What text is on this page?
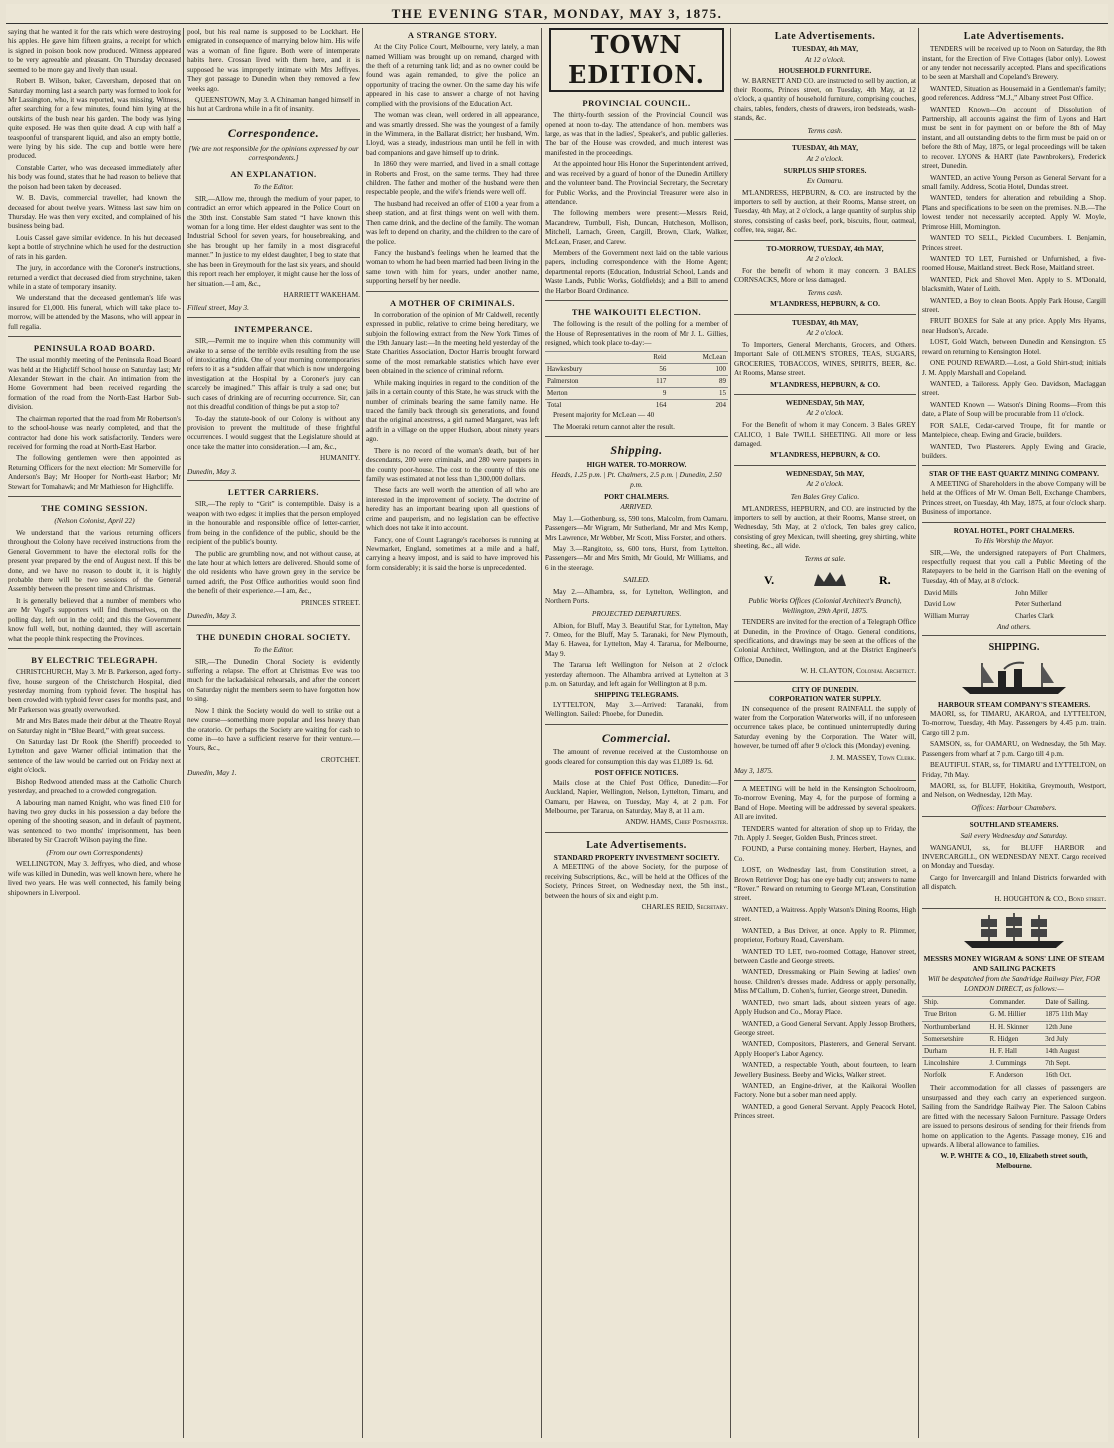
THE EVENING STAR, MONDAY, MAY 3, 1875.

saying that he wanted it for the rats which were destroying his apples. He gave him fifteen grains, a receipt for which is signed in poison book now produced. Witness appeared to be very agreeable and pleasant. On Thursday deceased seemed to be more gay and lively than usual.

Robert B. Wilson, baker, Caversham, deposed that on Saturday morning last a search party was formed to look for Mr Lassington, who, it was reported, was missing. Witness, after searching for a few minutes, found him lying at the outskirts of the bush near his garden. The body was lying quite exposed. He was then quite dead. A cup with half a teaspoonful of transparent liquid, and also an empty bottle, were lying by his side. The cup and bottle were here produced.

Constable Carter, who was deceased immediately after his body was found, states that he had reason to believe that the poison had been taken by deceased.

W. B. Davis, commercial traveller, had known the deceased for about twelve years. Witness last saw him on Thursday. He was then very excited, and complained of his business being bad.

Louis Cassel gave similar evidence. In his hut deceased kept a bottle of strychnine which he used for the destruction of rats in his garden.

The jury, in accordance with the Coroner's instructions, returned a verdict that deceased died from strychnine, taken while in a state of temporary insanity.

We understand that the deceased gentleman's life was insured for £1,000. His funeral, which will take place to-morrow, will be attended by the Masons, who will appear in full regalia.

PENINSULA ROAD BOARD.

The usual monthly meeting of the Peninsula Road Board was held at the Highcliff School house on Saturday last; Mr Alexander Stewart in the chair. An intimation from the Home Government had been received regarding the formation of the road from the North-East Harbor Sub-division.

The chairman reported that the road from Mr Robertson's to the school-house was nearly completed, and that the contractor had done his work satisfactorily. Tenders were received for forming the road at North-East Harbor.

The following gentlemen were then appointed as Returning Officers for the next election: Mr Somerville for Anderson's Bay; Mr Hooper for North-east Harbor; Mr Stewart for Tomahawk; and Mr Mathieson for Highcliffe.

THE COMING SESSION.
(Nelson Colonist, April 22)

We understand that the various returning officers throughout the Colony have received instructions from the General Government to have the electoral rolls for the present year prepared by the end of August next. If this be done, and we have no reason to doubt it, it is highly probable there will be two sessions of the General Assembly between the present time and Christmas.

It is generally believed that a number of members who are Mr Vogel's supporters will find themselves, on the polling day, left out in the cold; and this the Government know full well, but, nothing daunted, they will ascertain what the people think respecting the Provinces.

BY ELECTRIC TELEGRAPH.

CHRISTCHURCH, May 3. Mr B. Parkerson, aged forty-five, house surgeon of the Christchurch Hospital, died yesterday morning from typhoid fever. The hospital has been crowded with typhoid fever cases for months past, and Mr Parkerson was greatly overworked.

Mr and Mrs Bates made their début at the Theatre Royal on Saturday night in “Blue Beard,” with great success.

On Saturday last Dr Rook (the Sheriff) proceeded to Lyttelton and gave Warner official intimation that the sentence of the law would be carried out on Friday next at eight o'clock.

Bishop Redwood attended mass at the Catholic Church yesterday, and preached to a crowded congregation.

A labouring man named Knight, who was fined £10 for having two grey ducks in his possession a day before the opening of the shooting season, and in default of payment, was sentenced to two months' imprisonment, has been liberated by Sir Cracroft Wilson paying the fine.

(From our own Correspondents)

WELLINGTON, May 3. Jeffryes, who died, and whose wife was killed in Dunedin, was well known here, where he lived two years. He was well connected, his family being shipowners in Liverpool.

pool, but his real name is supposed to be Lockhart. He emigrated in consequence of marrying below him. His wife was a woman of fine figure. Both were of intemperate habits here. Crossan lived with them here, and it is supposed he was improperly intimate with Mrs Jeffryes. They got passage to Dunedin when they removed a few weeks ago.

QUEENSTOWN, May 3. A Chinaman hanged himself in his hut at Cardrona while in a fit of insanity.

Correspondence.
[We are not responsible for the opinions expressed by our correspondents.]
AN EXPLANATION.
To the Editor.

SIR,—Allow me, through the medium of your paper, to contradict an error which appeared in the Police Court on the 30th inst. Constable Sam stated “I have known this woman for a long time. Her eldest daughter was sent to the Industrial School for seven years, for housebreaking, and she has brought up her family in a most disgraceful manner.” In justice to my eldest daughter, I beg to state that she has been in Greymouth for the last six years, and should this report reach her employer, it might cause her the loss of her situation.—I am, &c.,

HARRIETT WAKEHAM.
Filleul street, May 3.
INTEMPERANCE.

SIR,—Permit me to inquire when this community will awake to a sense of the terrible evils resulting from the use of intoxicating drink. One of your morning contemporaries refers to it as a “sudden affair that which is now undergoing investigation at the Hospital by a Coroner's jury can scarcely be imagined.” This affair is truly a sad one; but such cases of drinking are of recurring occurrence. Sir, can not this dreadful condition of things be put a stop to?

To-day the statute-book of our Colony is without any provision to prevent the multitude of these frightful occurrences. I would suggest that the Legislature should at once take the matter into consideration.—I am, &c.,

HUMANITY.
Dunedin, May 3.
LETTER CARRIERS.

SIR,—The reply to “Grit” is contemptible. Daisy is a weapon with two edges: it implies that the person employed in the honourable and responsible office of letter-carrier, from being in the confidence of the public, should be the recipient of the public's bounty.

The public are grumbling now, and not without cause, at the late hour at which letters are delivered. Should some of the old residents who have grown grey in the service be turned adrift, the Post Office authorities would soon find the benefit of their experience.—I am, &c.,

PRINCES STREET.
Dunedin, May 3.
THE DUNEDIN CHORAL SOCIETY.
To the Editor.

SIR,—The Dunedin Choral Society is evidently suffering a relapse. The effort at Christmas Eve was too much for the lackadaisical rehearsals, and after the concert on Saturday night the members seem to have forgotten how to sing.

Now I think the Society would do well to strike out a new course—something more popular and less heavy than the oratorio. Or perhaps the Society are waiting for cash to come in—to have a sufficient reserve for their venture.—Yours, &c.,

CROTCHET.
Dunedin, May 1.
A STRANGE STORY.

At the City Police Court, Melbourne, very lately, a man named William was brought up on remand, charged with the theft of a returning tank lid; and as no owner could be found was again remanded, to give the police an opportunity of tracing the owner. On the same day his wife appeared in his case to answer a charge of not having complied with the provisions of the Education Act.

The woman was clean, well ordered in all appearance, and was smartly dressed. She was the youngest of a family in the Wimmera, in the Ballarat district; her husband, Wm. Lloyd, was a steady, industrious man until he fell in with bad companions and gave himself up to drink.

In 1860 they were married, and lived in a small cottage in Roberts and Frost, on the same terms. They had three children. The father and mother of the husband were then respectable people, and the wife's friends were well off.

The husband had received an offer of £100 a year from a sheep station, and at first things went on well with them. Then came drink, and the decline of the family. The woman was left to depend on charity, and the children to the care of the police.

Fancy the husband's feelings when he learned that the woman to whom he had been married had been living in the same town with him for years, under another name, supporting herself by her needle.

A MOTHER OF CRIMINALS.

In corroboration of the opinion of Mr Caldwell, recently expressed in public, relative to crime being hereditary, we subjoin the following extract from the New York Times of the 19th January last:—In the meeting held yesterday of the State Charities Association, Doctor Harris brought forward some of the most remarkable statistics which have ever been obtained in the science of criminal reform.

While making inquiries in regard to the condition of the jails in a certain county of this State, he was struck with the number of criminals bearing the same family name. He traced the family back through six generations, and found that the original ancestress, a girl named Margaret, was left adrift in a village on the upper Hudson, about ninety years ago.

There is no record of the woman's death, but of her descendants, 200 were criminals, and 280 were paupers in the county poor-house. The cost to the county of this one family was estimated at not less than 1,300,000 dollars.

These facts are well worth the attention of all who are interested in the improvement of society. The doctrine of heredity has an important bearing upon all questions of crime and pauperism, and no legislation can be effective which does not take it into account.

Fancy, one of Count Lagrange's racehorses is running at Newmarket, England, sometimes at a mile and a half, carrying a heavy impost, and is said to have improved his form considerably; it is said the horse is unprecedented.

TOWN EDITION.
PROVINCIAL COUNCIL.

The thirty-fourth session of the Provincial Council was opened at noon to-day. The attendance of hon. members was large, as was that in the ladies', Speaker's, and public galleries. The bar of the House was crowded, and much interest was manifested in the proceedings.

At the appointed hour His Honor the Superintendent arrived, and was received by a guard of honor of the Dunedin Artillery and the volunteer band. The Provincial Secretary, the Secretary for Public Works, and the Provincial Treasurer were also in attendance.

The following members were present:—Messrs Reid, Macandrew, Turnbull, Fish, Duncan, Hutcheson, Mollison, Mitchell, Larnach, Green, Cargill, Brown, Clark, Walker, McLean, Fraser, and Carew.

Members of the Government next laid on the table various papers, including correspondence with the Home Agent; departmental reports (Education, Industrial School, Lands and Waste Lands, Public Works, Goldfields); and a Bill to amend the Harbor Board Ordinance.

THE WAIKOUITI ELECTION.

The following is the result of the polling for a member of the House of Representatives in the room of Mr J. L. Gillies, resigned, which took place to-day:—

	Reid	McLean
Hawkesbury	56	100
Palmerston	117	89
Merton	9	15
Total	164	204

Present majority for McLean — 40

The Moeraki return cannot alter the result.

Shipping.
HIGH WATER. TO-MORROW.
Heads, 1.25 p.m. | Pt. Chalmers, 2.5 p.m. | Dunedin, 2.50 p.m.
PORT CHALMERS.
ARRIVED.

May 1.—Gothenburg, ss, 590 tons, Malcolm, from Oamaru. Passengers—Mr Wigram, Mr Sutherland, Mr and Mrs Kemp, Mrs Lawrence, Mr Webber, Mr Scott, Miss Forster, and others.

May 3.—Rangitoto, ss, 600 tons, Hurst, from Lyttelton. Passengers—Mr and Mrs Smith, Mr Gould, Mr Williams, and 6 in the steerage.

SAILED.

May 2.—Alhambra, ss, for Lyttelton, Wellington, and Northern Ports.

PROJECTED DEPARTURES.

Albion, for Bluff, May 3. Beautiful Star, for Lyttelton, May 7. Omeo, for the Bluff, May 5. Taranaki, for New Plymouth, May 6. Hawea, for Lyttelton, May 4. Tararua, for Melbourne, May 9.

The Tararua left Wellington for Nelson at 2 o'clock yesterday afternoon. The Alhambra arrived at Lyttelton at 3 p.m. on Saturday, and left again for Wellington at 8 p.m.

SHIPPING TELEGRAMS.

LYTTELTON, May 3.—Arrived: Taranaki, from Wellington. Sailed: Phoebe, for Dunedin.

Commercial.

The amount of revenue received at the Customhouse on goods cleared for consumption this day was £1,089 1s. 6d.

POST OFFICE NOTICES.

Mails close at the Chief Post Office, Dunedin:—For Auckland, Napier, Wellington, Nelson, Lyttelton, Timaru, and Oamaru, per Hawea, on Tuesday, May 4, at 2 p.m. For Melbourne, per Tararua, on Saturday, May 8, at 11 a.m.

ANDW. HAMS, Chief Postmaster.
Late Advertisements.
STANDARD PROPERTY INVESTMENT SOCIETY.

A MEETING of the above Society, for the purpose of receiving Subscriptions, &c., will be held at the Offices of the Society, Princes Street, on Wednesday next, the 5th inst., between the hours of six and eight p.m.

CHARLES REID, Secretary.
Late Advertisements.
TUESDAY, 4th MAY,
At 12 o'clock.
HOUSEHOLD FURNITURE.

W. BARNETT AND CO. are instructed to sell by auction, at their Rooms, Princes street, on Tuesday, 4th May, at 12 o'clock, a quantity of household furniture, comprising couches, chairs, tables, fenders, chests of drawers, iron bedsteads, wash-stands, &c.

Terms cash.
TUESDAY, 4th MAY,
At 2 o'clock.
SURPLUS SHIP STORES.
Ex Oamaru.

M'LANDRESS, HEPBURN, & CO. are instructed by the importers to sell by auction, at their Rooms, Manse street, on Tuesday, 4th May, at 2 o'clock, a large quantity of surplus ship stores, consisting of casks beef, pork, biscuits, flour, oatmeal, coffee, tea, sugar, &c.

TO-MORROW, TUESDAY, 4th MAY,
At 2 o'clock.

For the benefit of whom it may concern. 3 BALES CORNSACKS, More or less damaged.

Terms cash.
M'LANDRESS, HEPBURN, & CO.
TUESDAY, 4th MAY,
At 2 o'clock.

To Importers, General Merchants, Grocers, and Others. Important Sale of OILMEN'S STORES, TEAS, SUGARS, GROCERIES, TOBACCOS, WINES, SPIRITS, BEER, &c. At Rooms, Manse street.

M'LANDRESS, HEPBURN, & CO.
WEDNESDAY, 5th MAY,
At 2 o'clock.

For the Benefit of whom it may Concern. 3 Bales GREY CALICO, 1 Bale TWILL SHEETING. All more or less damaged.

M'LANDRESS, HEPBURN, & CO.
WEDNESDAY, 5th MAY,
At 2 o'clock.
Ten Bales Grey Calico.

M'LANDRESS, HEPBURN, and CO. are instructed by the importers to sell by auction, at their Rooms, Manse street, on Wednesday, 5th May, at 2 o'clock, Ten bales grey calico, consisting of grey Mexican, twill sheeting, grey shirting, white sheeting, &c., all wide.

Terms at sale.
V.	R.
Public Works Offices (Colonial Architect's Branch), Wellington, 29th April, 1875.

TENDERS are invited for the erection of a Telegraph Office at Dunedin, in the Province of Otago. General conditions, specifications, and drawings may be seen at the offices of the Colonial Architect, Wellington, and at the District Engineer's Office, Dunedin.

W. H. CLAYTON, Colonial Architect.
CITY OF DUNEDIN.
CORPORATION WATER SUPPLY.

IN consequence of the present RAINFALL the supply of water from the Corporation Waterworks will, if no unforeseen occurrence takes place, be continued uninterruptedly during Saturday evening by the Corporation. The Water will, however, be turned off after 9 o'clock this (Monday) evening.

J. M. MASSEY, Town Clerk.
May 3, 1875.

A MEETING will be held in the Kensington Schoolroom, To-morrow Evening, May 4, for the purpose of forming a Band of Hope. Meeting will be addressed by several speakers. All are invited.

TENDERS wanted for alteration of shop up to Friday, the 7th. Apply J. Seeger, Golden Bush, Princes street.

FOUND, a Purse containing money. Herbert, Haynes, and Co.

LOST, on Wednesday last, from Constitution street, a Brown Retriever Dog; has one eye badly cut; answers to name “Rover.” Reward on returning to George M'Lean, Constitution street.

WANTED, a Waitress. Apply Watson's Dining Rooms, High street.

WANTED, a Bus Driver, at once. Apply to R. Plimmer, proprietor, Forbury Road, Caversham.

WANTED TO LET, two-roomed Cottage, Hanover street, between Castle and George streets.

WANTED, Dressmaking or Plain Sewing at ladies' own house. Children's dresses made. Address or apply personally, Miss M'Callum, D. Cohen's, furrier, George street, Dunedin.

WANTED, two smart lads, about sixteen years of age. Apply Hudson and Co., Moray Place.

WANTED, a Good General Servant. Apply Jessop Brothers, George street.

WANTED, Compositors, Plasterers, and General Servant. Apply Hooper's Labor Agency.

WANTED, a respectable Youth, about fourteen, to learn Jewellery Business. Beeby and Wicks, Walker street.

WANTED, an Engine-driver, at the Kaikorai Woollen Factory. None but a sober man need apply.

WANTED, a good General Servant. Apply Peacock Hotel, Princes street.

Late Advertisements.

TENDERS will be received up to Noon on Saturday, the 8th instant, for the Erection of Five Cottages (labor only). Lowest or any tender not necessarily accepted. Plans and specifications to be seen at Marshall and Copeland's Brewery.

WANTED, Situation as Housemaid in a Gentleman's family; good references. Address “M.J.,” Albany street Post Office.

WANTED Known—On account of Dissolution of Partnership, all accounts against the firm of Lyons and Hart must be sent in for payment on or before the 8th of May instant, and all outstanding debts to the firm must be paid on or before the 8th of May, 1875, or legal proceedings will be taken to recover. LYONS & HART (late Pawnbrokers), Frederick street, Dunedin.

WANTED, an active Young Person as General Servant for a small family. Address, Scotia Hotel, Dundas street.

WANTED, tenders for alteration and rebuilding a Shop. Plans and specifications to be seen on the premises. N.B.—The lowest tender not necessarily accepted. Apply W. Moyle, Primrose Hill, Mornington.

WANTED TO SELL, Pickled Cucumbers. I. Benjamin, Princes street.

WANTED TO LET, Furnished or Unfurnished, a five-roomed House, Maitland street. Beck Rose, Maitland street.

WANTED, Pick and Shovel Men. Apply to S. M'Donald, blacksmith, Water of Leith.

WANTED, a Boy to clean Boots. Apply Park House, Cargill street.

FRUIT BOXES for Sale at any price. Apply Mrs Hyams, near Hudson's, Arcade.

LOST, Gold Watch, between Dunedin and Kensington. £5 reward on returning to Kensington Hotel.

ONE POUND REWARD.—Lost, a Gold Shirt-stud; initials J. M. Apply Marshall and Copeland.

WANTED, a Tailoress. Apply Geo. Davidson, Maclaggan street.

WANTED Known — Watson's Dining Rooms—From this date, a Plate of Soup will be procurable from 11 o'clock.

FOR SALE, Cedar-carved Troupe, fit for mantle or Mantelpiece, cheap. Ewing and Gracie, builders.

WANTED, Two Plasterers. Apply Ewing and Gracie, builders.

STAR OF THE EAST QUARTZ MINING COMPANY.

A MEETING of Shareholders in the above Company will be held at the Offices of Mr W. Oman Bell, Exchange Chambers, Princes street, on Tuesday, 4th May, 1875, at four o'clock sharp. Business of importance.

ROYAL HOTEL, PORT CHALMERS.
To His Worship the Mayor.

SIR,—We, the undersigned ratepayers of Port Chalmers, respectfully request that you call a Public Meeting of the Ratepayers to be held in the Garrison Hall on the evening of Tuesday, 4th of May, at 8 o'clock.

David Mills	John Miller
David Low	Peter Sutherland
William Murray	Charles Clark
And others.
SHIPPING.
HARBOUR STEAM COMPANY'S STEAMERS.

MAORI, ss, for TIMARU, AKAROA, and LYTTELTON, To-morrow, Tuesday, 4th May. Passengers by 4.45 p.m. train. Cargo till 2 p.m.

SAMSON, ss, for OAMARU, on Wednesday, the 5th May. Passengers from wharf at 7 p.m. Cargo till 4 p.m.

BEAUTIFUL STAR, ss, for TIMARU and LYTTELTON, on Friday, 7th May.

MAORI, ss, for BLUFF, Hokitika, Greymouth, Westport, and Nelson, on Wednesday, 12th May.

Offices: Harbour Chambers.
SOUTHLAND STEAMERS.
Sail every Wednesday and Saturday.

WANGANUI, ss, for BLUFF HARBOR and INVERCARGILL, ON WEDNESDAY NEXT. Cargo received on Monday and Tuesday.

Cargo for Invercargill and Inland Districts forwarded with all dispatch.

H. HOUGHTON & CO., Bond street.
MESSRS MONEY WIGRAM & SONS' LINE OF STEAM AND SAILING PACKETS
Will be despatched from the Sandridge Railway Pier, FOR LONDON DIRECT, as follows:—
Ship.	Commander.	Date of Sailing.
True Briton	G. M. Hillier	1875 11th May
Northumberland	H. H. Skinner	12th June
Somersetshire	R. Hidgen	3rd July
Durham	H. F. Hall	14th August
Lincolnshire	J. Cummings	7th Sept.
Norfolk	F. Anderson	16th Oct.

Their accommodation for all classes of passengers are unsurpassed and they each carry an experienced surgeon. Sailing from the Sandridge Railway Pier. The Saloon Cabins are fitted with the necessary Saloon Furniture. Passage Orders are issued to persons desirous of sending for their friends from home on application to the Agents. Passage money, £16 and upwards. A liberal allowance to families.

W. P. WHITE & CO., 10, Elizabeth street south, Melbourne.
